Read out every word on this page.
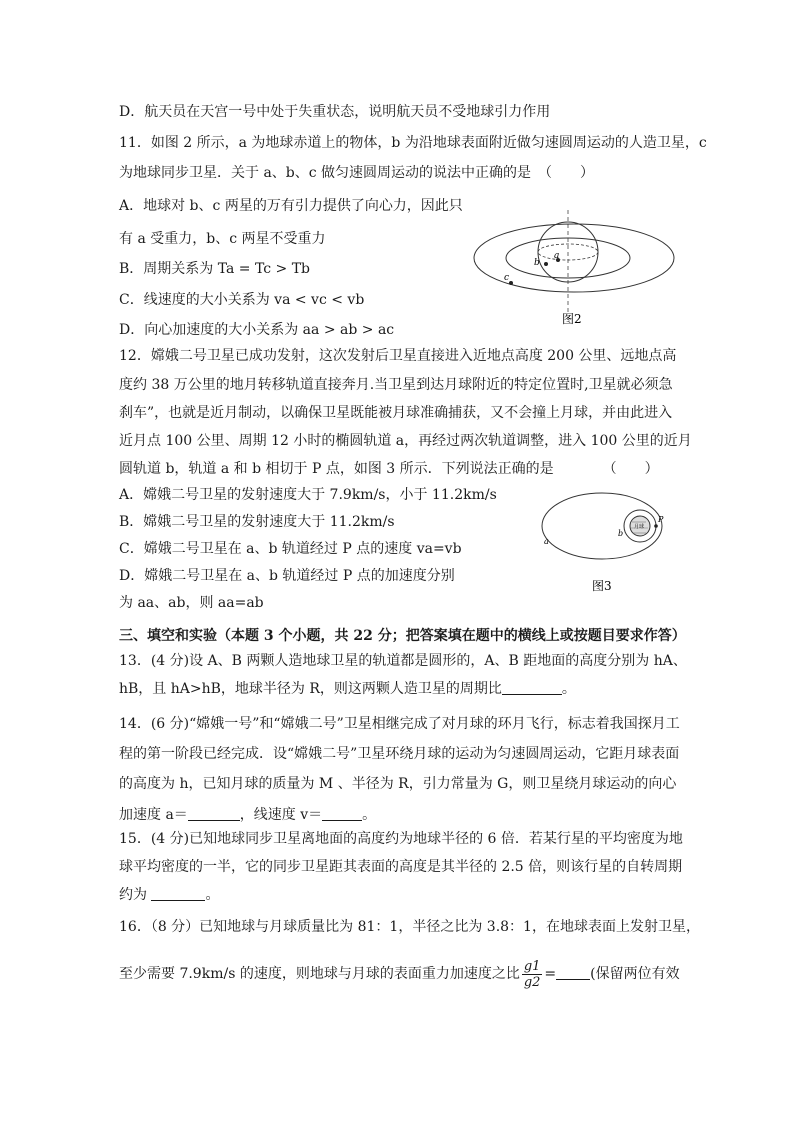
D．航天员在天宫一号中处于失重状态，说明航天员不受地球引力作用
11．如图 2 所示，a 为地球赤道上的物体，b 为沿地球表面附近做匀速圆周运动的人造卫星，c
为地球同步卫星．关于 a、b、c 做匀速圆周运动的说法中正确的是　（　　）
A．地球对 b、c 两星的万有引力提供了向心力，因此只
有 a 受重力，b、c 两星不受重力
B．周期关系为 Ta = Tc > Tb
C．线速度的大小关系为 va < vc < vb
D．向心加速度的大小关系为 aa > ab > ac
a
b
c
图2
12．嫦娥二号卫星已成功发射，这次发射后卫星直接进入近地点高度 200 公里、远地点高
度约 38 万公里的地月转移轨道直接奔月.当卫星到达月球附近的特定位置时,卫星就必须急
刹车”，也就是近月制动，以确保卫星既能被月球准确捕获，又不会撞上月球，并由此进入
近月点 100 公里、周期 12 小时的椭圆轨道 a，再经过两次轨道调整，进入 100 公里的近月
圆轨道 b，轨道 a 和 b 相切于 P 点，如图 3 所示．下列说法正确的是　　　　（　　）
A．嫦娥二号卫星的发射速度大于 7.9km/s，小于 11.2km/s
B．嫦娥二号卫星的发射速度大于 11.2km/s
C．嫦娥二号卫星在 a、b 轨道经过 P 点的速度 va=vb
D．嫦娥二号卫星在 a、b 轨道经过 P 点的加速度分别
为 aa、ab，则 aa=ab
月球
a
b
P
图3
三、填空和实验（本题 3 个小题，共 22 分；把答案填在题中的横线上或按题目要求作答）
13．(4 分)设 A、B 两颗人造地球卫星的轨道都是圆形的，A、B 距地面的高度分别为 hA、
hB，且 hA>hB，地球半径为 R，则这两颗人造卫星的周期比	。
14．(6 分)“嫦娥一号”和“嫦娥二号”卫星相继完成了对月球的环月飞行，标志着我国探月工
程的第一阶段已经完成．设“嫦娥二号”卫星环绕月球的运动为匀速圆周运动，它距月球表面
的高度为 h，已知月球的质量为 M 、半径为 R，引力常量为 G，则卫星绕月球运动的向心
加速度 a＝	，线速度 v＝	。
15．(4 分)已知地球同步卫星离地面的高度约为地球半径的 6 倍．若某行星的平均密度为地
球平均密度的一半，它的同步卫星距其表面的高度是其半径的 2.5 倍，则该行星的自转周期
约为	。
16．（8 分）已知地球与月球质量比为 81：1，半径之比为 3.8：1，在地球表面上发射卫星，
至少需要 7.9km/s 的速度，则地球与月球的表面重力加速度之比 $\frac{g1}{g2}$ = (保留两位有效
